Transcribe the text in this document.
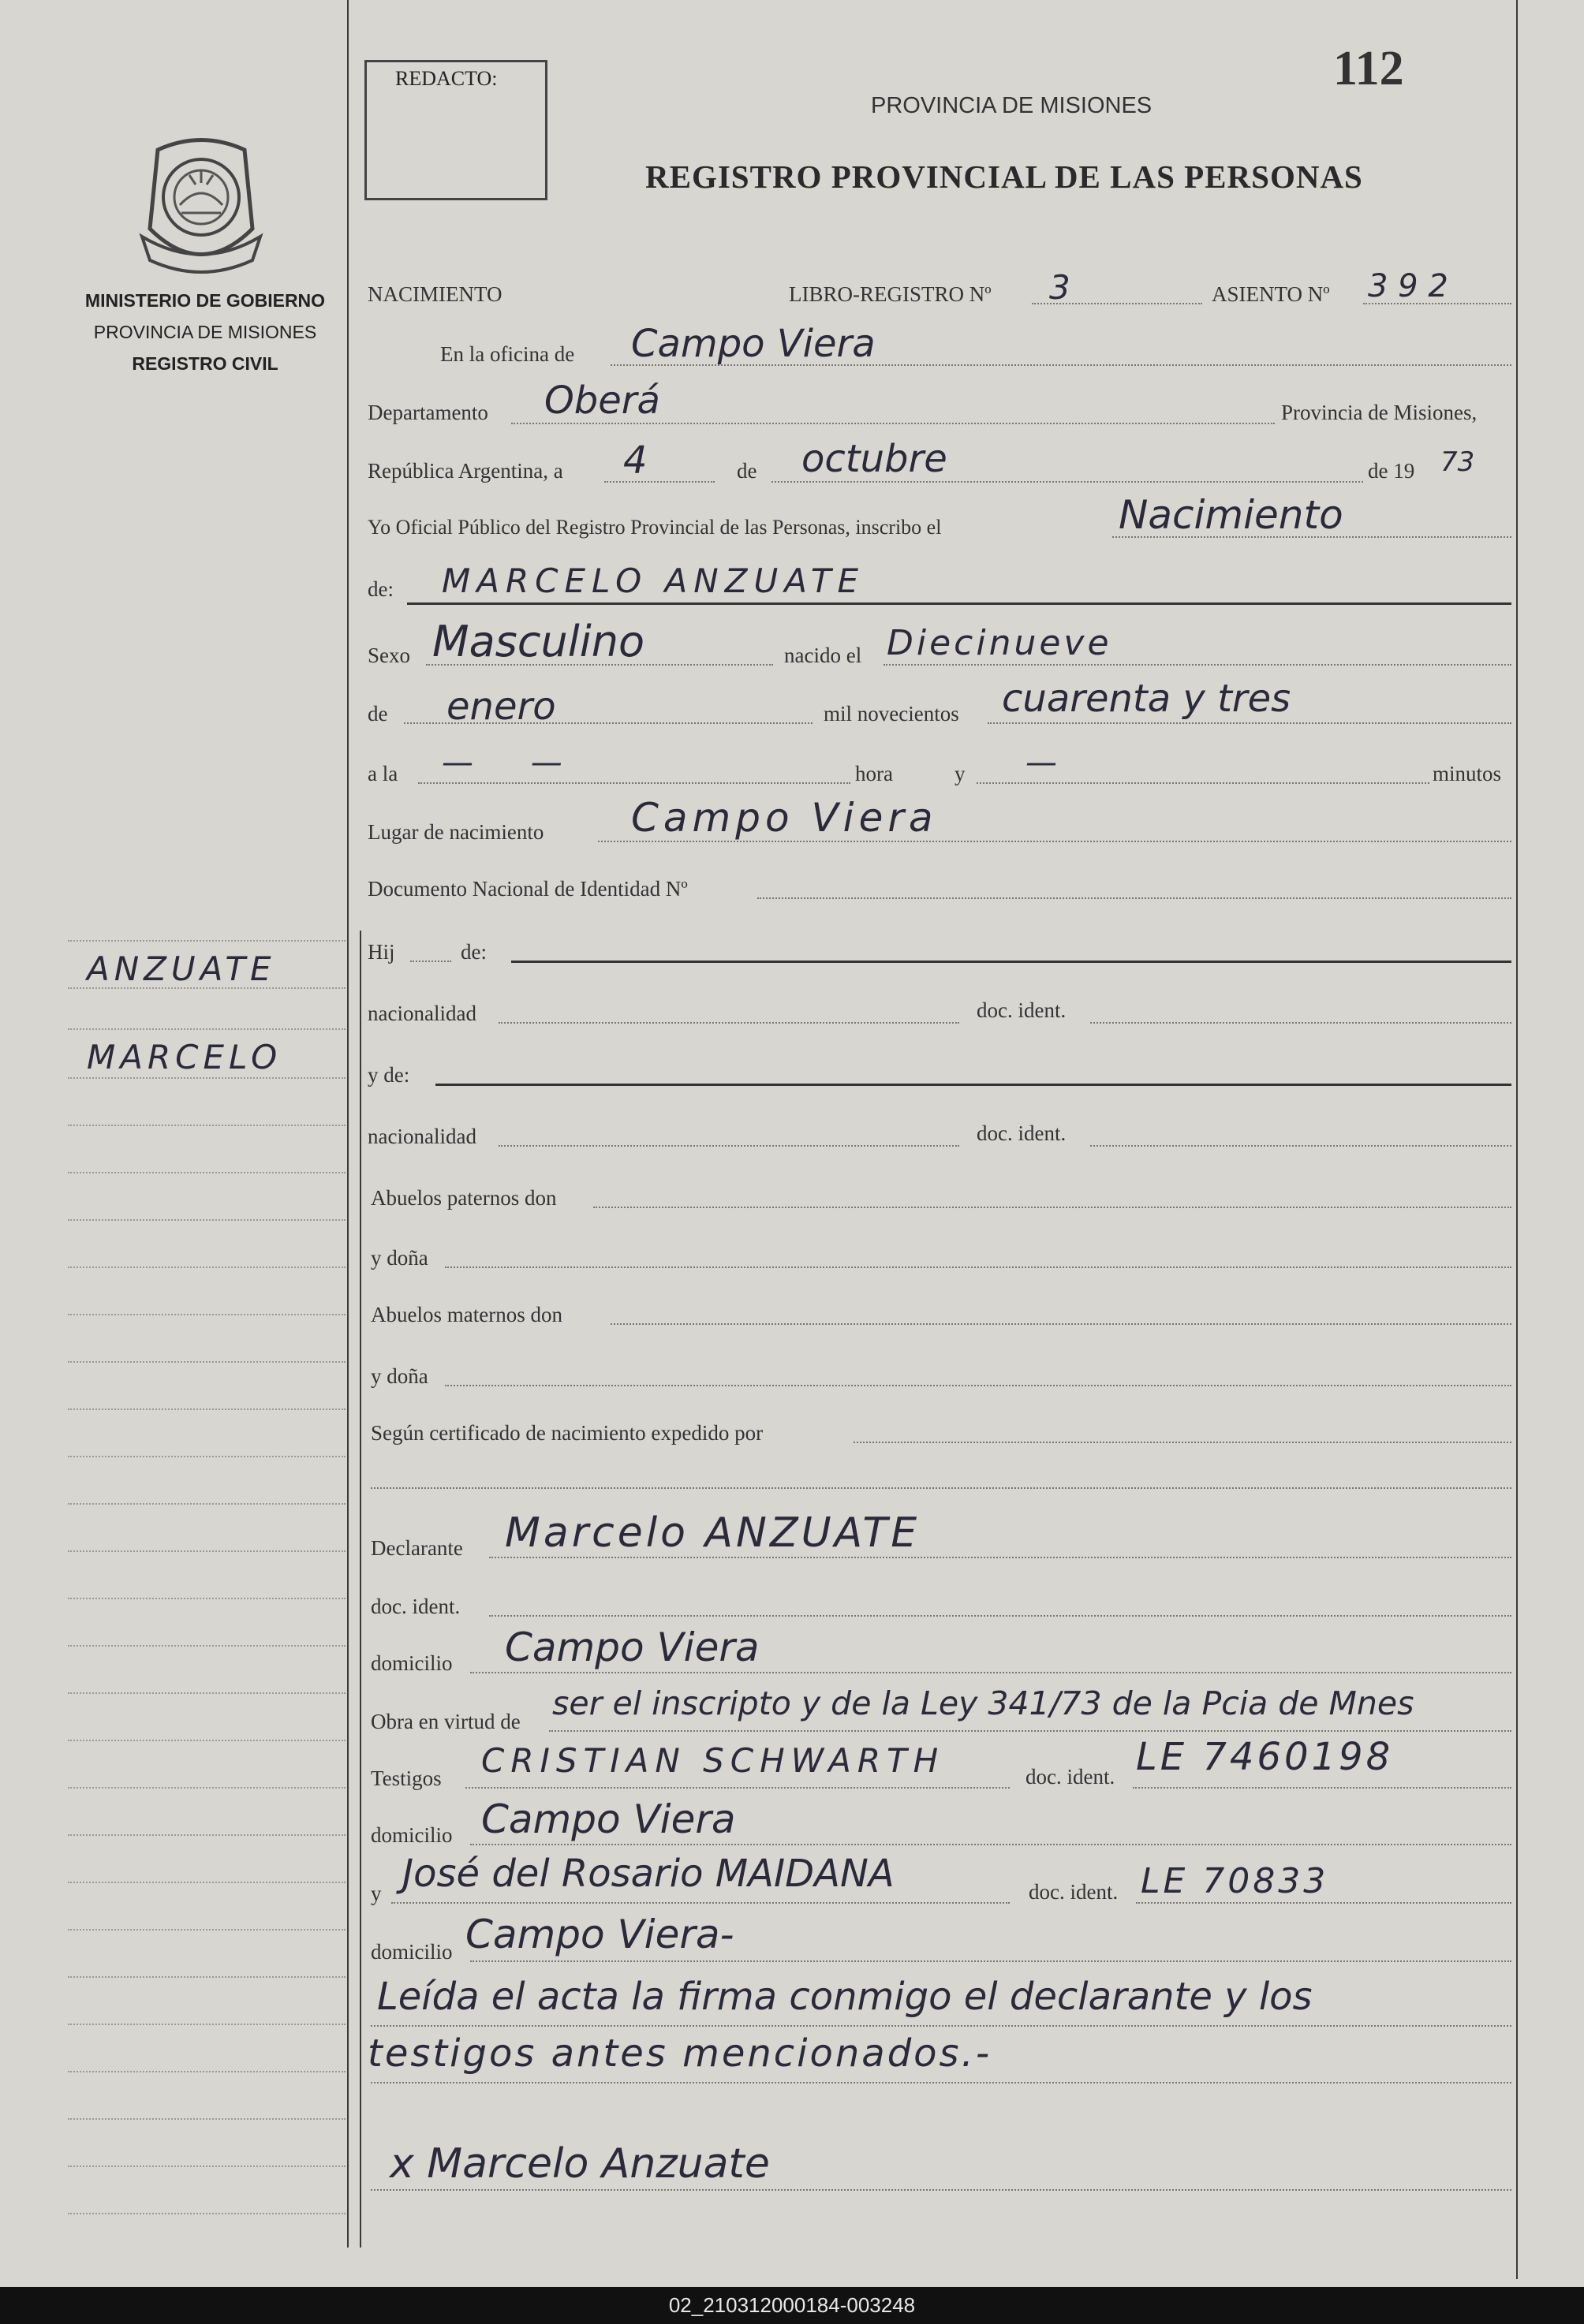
REDACTO:	112
PROVINCIA DE MISIONES
REGISTRO PROVINCIAL DE LAS PERSONAS
MINISTERIO DE GOBIERNO
PROVINCIA DE MISIONES
REGISTRO CIVIL
ANZUATE
MARCELO
NACIMIENTO	LIBRO-REGISTRO Nº 3	ASIENTO Nº 3 9 2
En la oficina de Campo Viera
Departamento Oberá	Provincia de Misiones,
República Argentina, a 4	de octubre	de 19 73
Yo Oficial Público del Registro Provincial de las Personas, inscribo el	Nacimiento
de: MARCELO ANZUATE
Sexo Masculino	nacido el Diecinueve
de enero	mil novecientos cuarenta y tres
a la — —	hora	y —	minutos
Lugar de nacimiento Campo Viera
Documento Nacional de Identidad Nº
Hij	de:
nacionalidad	doc. ident.
y de:
nacionalidad	doc. ident.
Abuelos paternos don
y doña
Abuelos maternos don
y doña
Según certificado de nacimiento expedido por
Declarante Marcelo ANZUATE
doc. ident.
domicilio Campo Viera
Obra en virtud de ser el inscripto y de la Ley 341/73 de la Pcia de Mnes
Testigos CRISTIAN SCHWARTH	doc. ident. LE 7460198
domicilio Campo Viera
y José del Rosario MAIDANA	doc. ident. LE 70833
domicilio Campo Viera-
Leída el acta la firma conmigo el declarante y los
testigos antes mencionados.-
x Marcelo Anzuate
02_210312000184-003248
